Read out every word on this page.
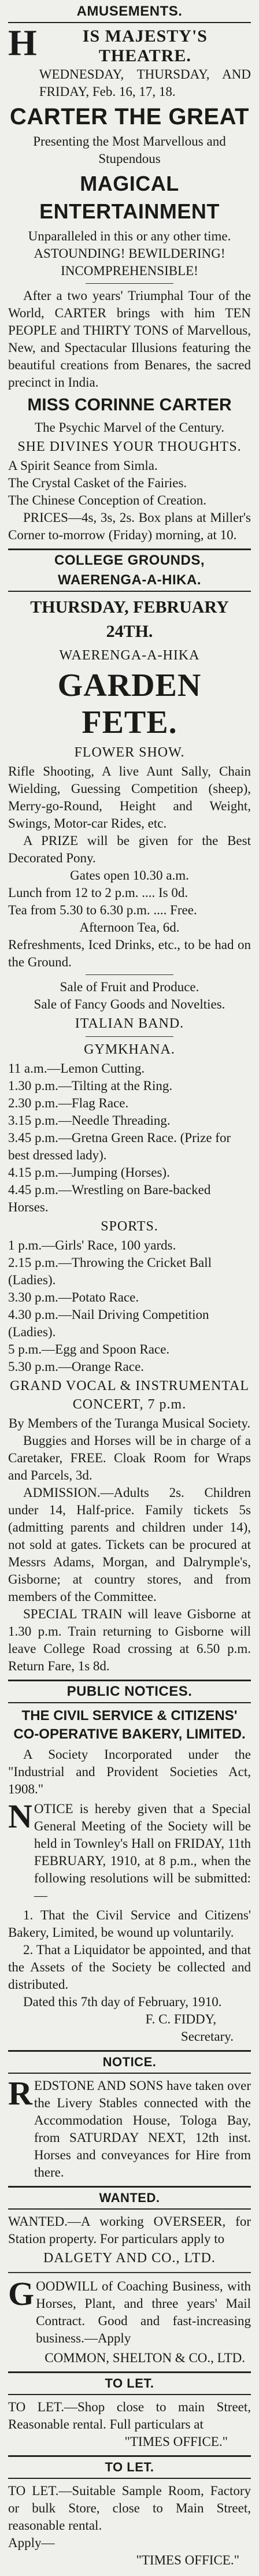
AMUSEMENTS.
H	IS MAJESTY'S THEATRE.

WEDNESDAY, THURSDAY, AND FRIDAY, Feb. 16, 17, 18.

CARTER THE GREAT

Presenting the Most Marvellous and Stupendous

MAGICAL ENTERTAINMENT

Unparalleled in this or any other time.

ASTOUNDING! BEWILDERING! INCOMPREHENSIBLE!

After a two years' Triumphal Tour of the World, CARTER brings with him TEN PEOPLE and THIRTY TONS of Marvellous, New, and Spectacular Illusions featuring the beautiful creations from Benares, the sacred precinct in India.

MISS CORINNE CARTER

The Psychic Marvel of the Century.

SHE DIVINES YOUR THOUGHTS.

A Spirit Seance from Simla.
The Crystal Casket of the Fairies.
The Chinese Conception of Creation.

PRICES—4s, 3s, 2s. Box plans at Miller's Corner to-morrow (Friday) morning, at 10.

COLLEGE GROUNDS, WAERENGA-A-HIKA.
THURSDAY, FEBRUARY 24TH.

WAERENGA-A-HIKA

GARDEN FETE.

FLOWER SHOW.

Rifle Shooting, A live Aunt Sally, Chain Wielding, Guessing Competition (sheep), Merry-go-Round, Height and Weight, Swings, Motor-car Rides, etc.

A PRIZE will be given for the Best Decorated Pony.

Gates open 10.30 a.m.

Lunch from 12 to 2 p.m. .... Is 0d.

Tea from 5.30 to 6.30 p.m. .... Free.

Afternoon Tea, 6d.

Refreshments, Iced Drinks, etc., to be had on the Ground.

Sale of Fruit and Produce.

Sale of Fancy Goods and Novelties.

ITALIAN BAND.

GYMKHANA.

11 a.m.—Lemon Cutting.
1.30 p.m.—Tilting at the Ring.
2.30 p.m.—Flag Race.
3.15 p.m.—Needle Threading.
3.45 p.m.—Gretna Green Race. (Prize for best dressed lady).
4.15 p.m.—Jumping (Horses).
4.45 p.m.—Wrestling on Bare-backed Horses.

SPORTS.

1 p.m.—Girls' Race, 100 yards.
2.15 p.m.—Throwing the Cricket Ball (Ladies).
3.30 p.m.—Potato Race.
4.30 p.m.—Nail Driving Competition (Ladies).
5 p.m.—Egg and Spoon Race.
5.30 p.m.—Orange Race.

GRAND VOCAL & INSTRUMENTAL CONCERT, 7 p.m.

By Members of the Turanga Musical Society.

Buggies and Horses will be in charge of a Caretaker, FREE. Cloak Room for Wraps and Parcels, 3d.

ADMISSION.—Adults 2s. Children under 14, Half-price. Family tickets 5s (admitting parents and children under 14), not sold at gates. Tickets can be procured at Messrs Adams, Morgan, and Dalrymple's, Gisborne; at country stores, and from members of the Committee.

SPECIAL TRAIN will leave Gisborne at 1.30 p.m. Train returning to Gisborne will leave College Road crossing at 6.50 p.m. Return Fare, 1s 8d.

PUBLIC NOTICES.
THE CIVIL SERVICE & CITIZENS' CO-OPERATIVE BAKERY, LIMITED.

A Society Incorporated under the "Industrial and Provident Societies Act, 1908."

N OTICE is hereby given that a Special General Meeting of the Society will be held in Townley's Hall on FRIDAY, 11th FEBRUARY, 1910, at 8 p.m., when the following resolutions will be submitted:—

1. That the Civil Service and Citizens' Bakery, Limited, be wound up voluntarily.

2. That a Liquidator be appointed, and that the Assets of the Society be collected and distributed.

Dated this 7th day of February, 1910.

F. C. FIDDY,

Secretary.

NOTICE.
R EDSTONE AND SONS have taken over the Livery Stables connected with the Accommodation House, Tologa Bay, from SATURDAY NEXT, 12th inst. Horses and conveyances for Hire from there.
WANTED.

WANTED.—A working OVERSEER, for Station property. For particulars apply to

DALGETY AND CO., LTD.

G OODWILL of Coaching Business, with Horses, Plant, and three years' Mail Contract. Good and fast-increasing business.—Apply

COMMON, SHELTON & CO., LTD.

TO LET.

TO LET.—Shop close to main Street, Reasonable rental. Full particulars at

"TIMES OFFICE."

TO LET.

TO LET.—Suitable Sample Room, Factory or bulk Store, close to Main Street, reasonable rental.

Apply—

"TIMES OFFICE."
